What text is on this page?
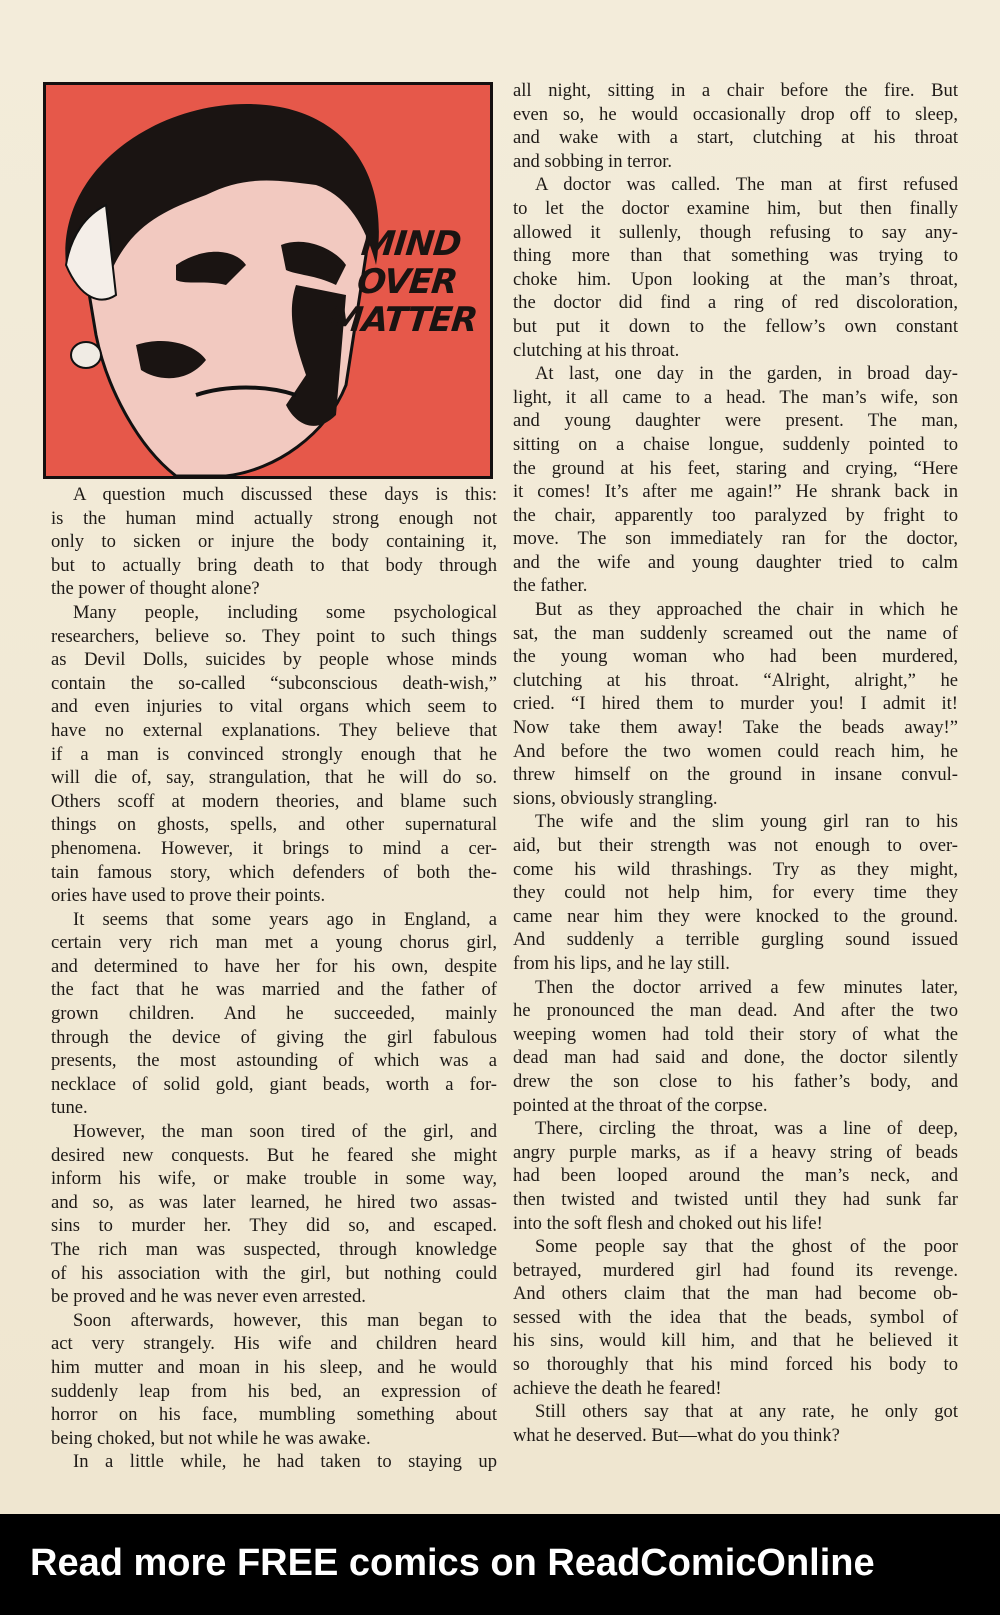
MIND
OVER
MATTER
A question much discussed these days is this:
is the human mind actually strong enough not
only to sicken or injure the body containing it,
but to actually bring death to that body through
the power of thought alone?
Many people, including some psychological
researchers, believe so. They point to such things
as Devil Dolls, suicides by people whose minds
contain the so-called “subconscious death-wish,”
and even injuries to vital organs which seem to
have no external explanations. They believe that
if a man is convinced strongly enough that he
will die of, say, strangulation, that he will do so.
Others scoff at modern theories, and blame such
things on ghosts, spells, and other supernatural
phenomena. However, it brings to mind a cer-
tain famous story, which defenders of both the-
ories have used to prove their points.
It seems that some years ago in England, a
certain very rich man met a young chorus girl,
and determined to have her for his own, despite
the fact that he was married and the father of
grown children. And he succeeded, mainly
through the device of giving the girl fabulous
presents, the most astounding of which was a
necklace of solid gold, giant beads, worth a for-
tune.
However, the man soon tired of the girl, and
desired new conquests. But he feared she might
inform his wife, or make trouble in some way,
and so, as was later learned, he hired two assas-
sins to murder her. They did so, and escaped.
The rich man was suspected, through knowledge
of his association with the girl, but nothing could
be proved and he was never even arrested.
Soon afterwards, however, this man began to
act very strangely. His wife and children heard
him mutter and moan in his sleep, and he would
suddenly leap from his bed, an expression of
horror on his face, mumbling something about
being choked, but not while he was awake.
In a little while, he had taken to staying up
all night, sitting in a chair before the fire. But
even so, he would occasionally drop off to sleep,
and wake with a start, clutching at his throat
and sobbing in terror.
A doctor was called. The man at first refused
to let the doctor examine him, but then finally
allowed it sullenly, though refusing to say any-
thing more than that something was trying to
choke him. Upon looking at the man’s throat,
the doctor did find a ring of red discoloration,
but put it down to the fellow’s own constant
clutching at his throat.
At last, one day in the garden, in broad day-
light, it all came to a head. The man’s wife, son
and young daughter were present. The man,
sitting on a chaise longue, suddenly pointed to
the ground at his feet, staring and crying, “Here
it comes! It’s after me again!” He shrank back in
the chair, apparently too paralyzed by fright to
move. The son immediately ran for the doctor,
and the wife and young daughter tried to calm
the father.
But as they approached the chair in which he
sat, the man suddenly screamed out the name of
the young woman who had been murdered,
clutching at his throat. “Alright, alright,” he
cried. “I hired them to murder you! I admit it!
Now take them away! Take the beads away!”
And before the two women could reach him, he
threw himself on the ground in insane convul-
sions, obviously strangling.
The wife and the slim young girl ran to his
aid, but their strength was not enough to over-
come his wild thrashings. Try as they might,
they could not help him, for every time they
came near him they were knocked to the ground.
And suddenly a terrible gurgling sound issued
from his lips, and he lay still.
Then the doctor arrived a few minutes later,
he pronounced the man dead. And after the two
weeping women had told their story of what the
dead man had said and done, the doctor silently
drew the son close to his father’s body, and
pointed at the throat of the corpse.
There, circling the throat, was a line of deep,
angry purple marks, as if a heavy string of beads
had been looped around the man’s neck, and
then twisted and twisted until they had sunk far
into the soft flesh and choked out his life!
Some people say that the ghost of the poor
betrayed, murdered girl had found its revenge.
And others claim that the man had become ob-
sessed with the idea that the beads, symbol of
his sins, would kill him, and that he believed it
so thoroughly that his mind forced his body to
achieve the death he feared!
Still others say that at any rate, he only got
what he deserved. But—what do you think?
Read more FREE comics on ReadComicOnline
